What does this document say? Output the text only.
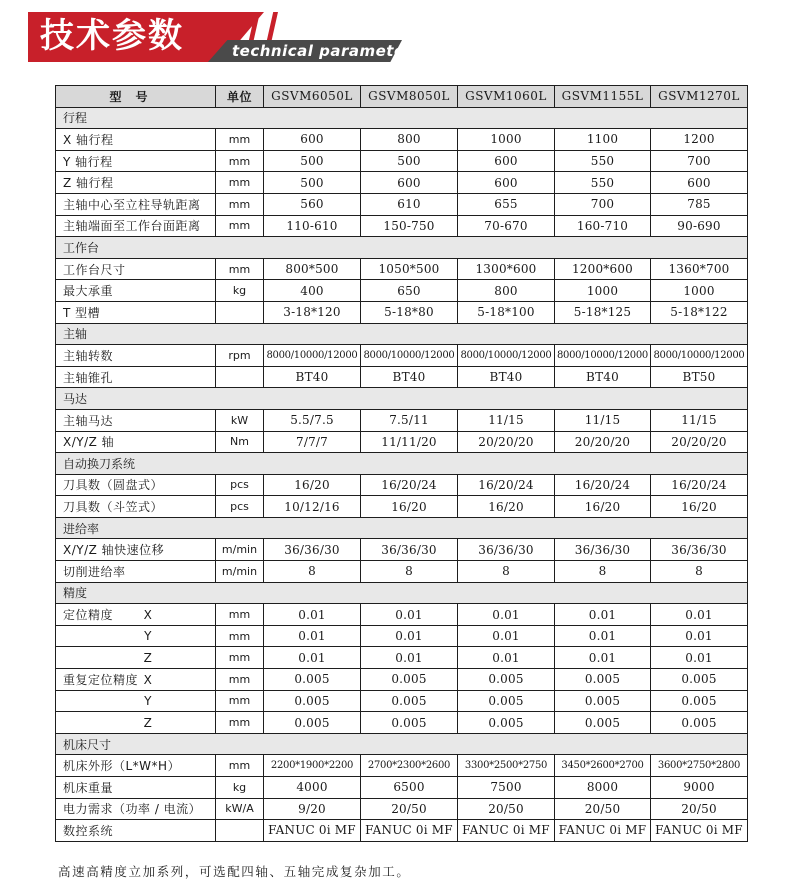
技术参数	technical parameter
型号	单位	GSVM6050L	GSVM8050L	GSVM1060L	GSVM1155L	GSVM1270L
行程						
X 轴行程	mm	600	800	1000	1100	1200
Y 轴行程	mm	500	500	600	550	700
Z 轴行程	mm	500	600	600	550	600
主轴中心至立柱导轨距离	mm	560	610	655	700	785
主轴端面至工作台面距离	mm	110-610	150-750	70-670	160-710	90-690
工作台						
工作台尺寸	mm	800*500	1050*500	1300*600	1200*600	1360*700
最大承重	kg	400	650	800	1000	1000
T 型槽		3-18*120	5-18*80	5-18*100	5-18*125	5-18*122
主轴						
主轴转数	rpm	8000/10000/12000	8000/10000/12000	8000/10000/12000	8000/10000/12000	8000/10000/12000
主轴锥孔		BT40	BT40	BT40	BT40	BT50
马达						
主轴马达	kW	5.5/7.5	7.5/11	11/15	11/15	11/15
X/Y/Z 轴	Nm	7/7/7	11/11/20	20/20/20	20/20/20	20/20/20
自动换刀系统						
刀具数（圆盘式）	pcs	16/20	16/20/24	16/20/24	16/20/24	16/20/24
刀具数（斗笠式）	pcs	10/12/16	16/20	16/20	16/20	16/20
进给率						
X/Y/Z 轴快速位移	m/min	36/36/30	36/36/30	36/36/30	36/36/30	36/36/30
切削进给率	m/min	8	8	8	8	8
精度						
定位精度 X	mm	0.01	0.01	0.01	0.01	0.01
Y	mm	0.01	0.01	0.01	0.01	0.01
Z	mm	0.01	0.01	0.01	0.01	0.01
重复定位精度 X	mm	0.005	0.005	0.005	0.005	0.005
Y	mm	0.005	0.005	0.005	0.005	0.005
Z	mm	0.005	0.005	0.005	0.005	0.005
机床尺寸						
机床外形（L*W*H）	mm	2200*1900*2200	2700*2300*2600	3300*2500*2750	3450*2600*2700	3600*2750*2800
机床重量	kg	4000	6500	7500	8000	9000
电力需求（功率 / 电流）	kW/A	9/20	20/50	20/50	20/50	20/50
数控系统		FANUC 0i MF	FANUC 0i MF	FANUC 0i MF	FANUC 0i MF	FANUC 0i MF
高速高精度立加系列，可选配四轴、五轴完成复杂加工。
